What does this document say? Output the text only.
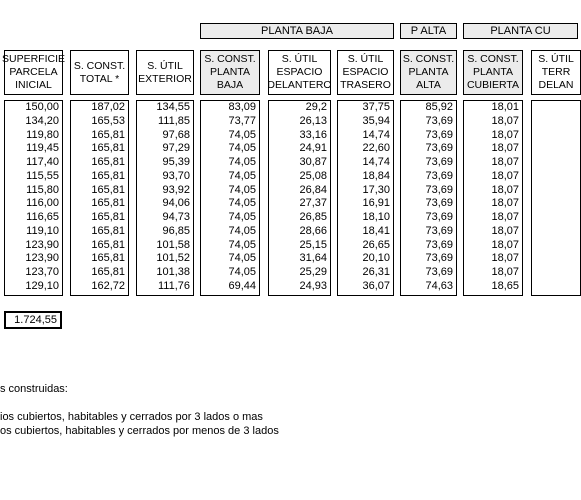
PLANTA BAJA	P ALTA	PLANTA CU
SUPERFICIE
PARCELA
INICIAL
S. CONST.
TOTAL *
S. ÚTIL
EXTERIOR
S. CONST.
PLANTA
BAJA
S. ÚTIL
ESPACIO
DELANTERO
S. ÚTIL
ESPACIO
TRASERO
S. CONST.
PLANTA
ALTA
S. CONST.
PLANTA
CUBIERTA
S. ÚTIL
TERR
DELAN
150,00
134,20
119,80
119,45
117,40
115,55
115,80
116,00
116,65
119,10
123,90
123,90
123,70
129,10
187,02
165,53
165,81
165,81
165,81
165,81
165,81
165,81
165,81
165,81
165,81
165,81
165,81
162,72
134,55
111,85
97,68
97,29
95,39
93,70
93,92
94,06
94,73
96,85
101,58
101,52
101,38
111,76
83,09
73,77
74,05
74,05
74,05
74,05
74,05
74,05
74,05
74,05
74,05
74,05
74,05
69,44
29,2
26,13
33,16
24,91
30,87
25,08
26,84
27,37
26,85
28,66
25,15
31,64
25,29
24,93
37,75
35,94
14,74
22,60
14,74
18,84
17,30
16,91
18,10
18,41
26,65
20,10
26,31
36,07
85,92
73,69
73,69
73,69
73,69
73,69
73,69
73,69
73,69
73,69
73,69
73,69
73,69
74,63
18,01
18,07
18,07
18,07
18,07
18,07
18,07
18,07
18,07
18,07
18,07
18,07
18,07
18,65
1.724,55
s construidas:
ios cubiertos, habitables y cerrados por 3 lados o mas
os cubiertos, habitables y cerrados por menos de 3 lados
